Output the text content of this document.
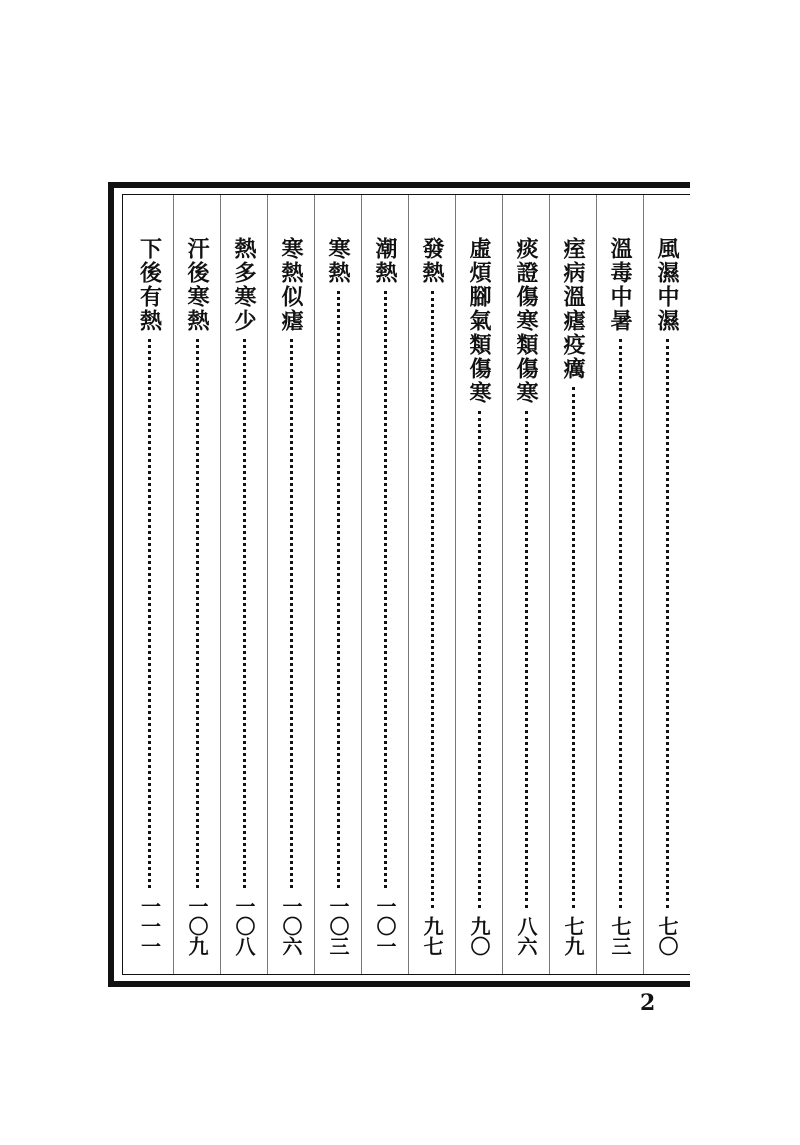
風濕中濕
七〇
溫毒中暑
七三
痓病溫瘧疫癘
七九
痰證傷寒類傷寒
八六
虛煩腳氣類傷寒
九〇
發熱
九七
潮熱
一〇一
寒熱
一〇三
寒熱似瘧
一〇六
熱多寒少
一〇八
汗後寒熱
一〇九
下後有熱
一一一
2
